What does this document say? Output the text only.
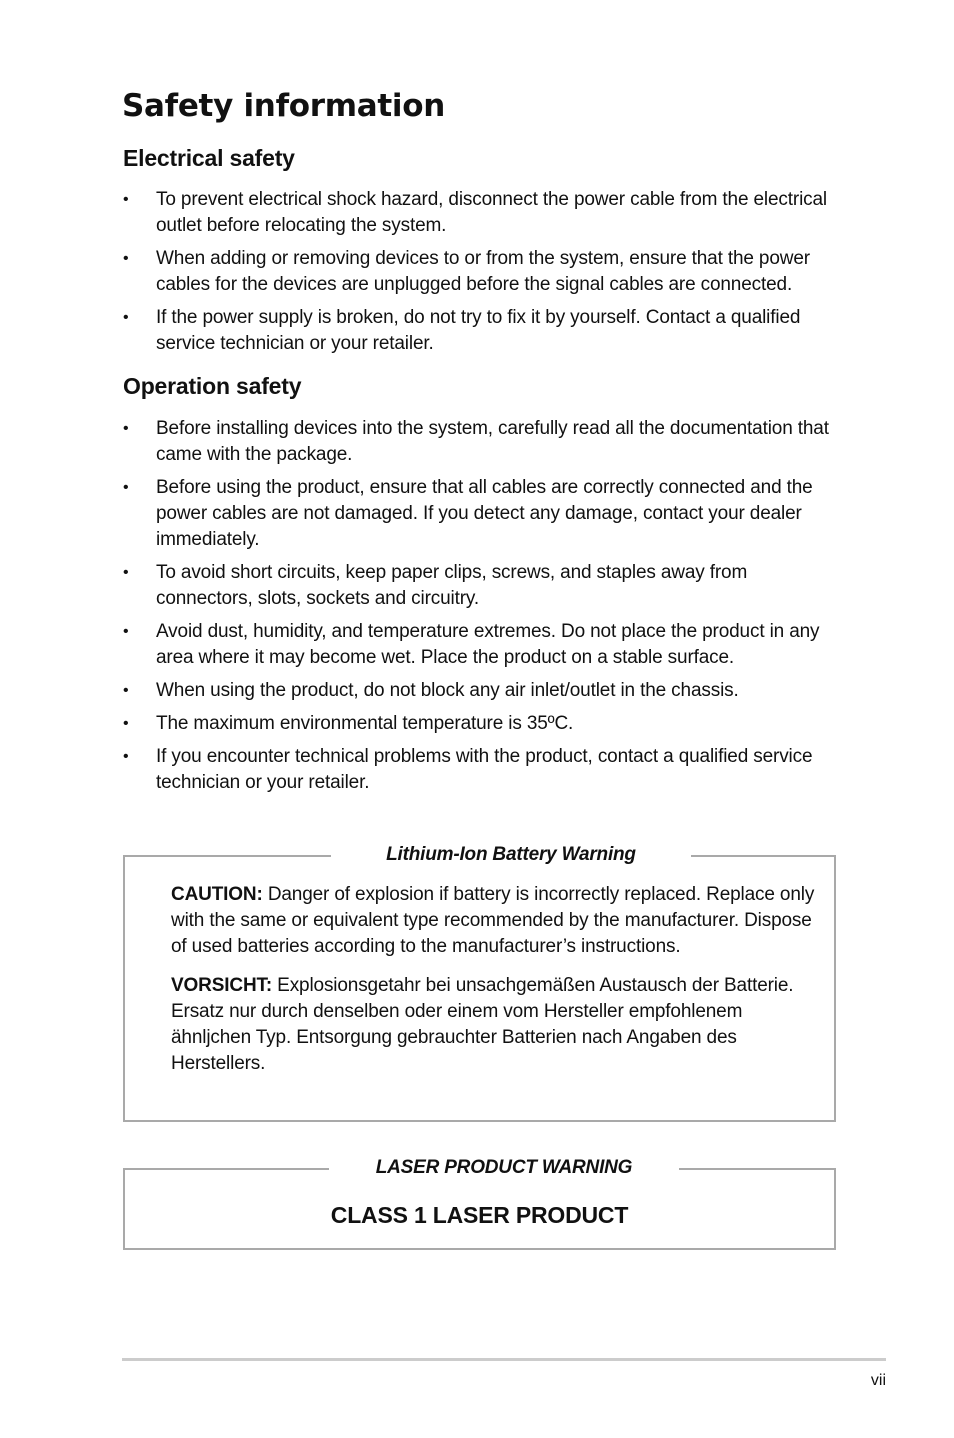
Safety information
Electrical safety
• To prevent electrical shock hazard, disconnect the power cable from the electrical outlet before relocating the system.
• When adding or removing devices to or from the system, ensure that the power cables for the devices are unplugged before the signal cables are connected.
• If the power supply is broken, do not try to fix it by yourself. Contact a qualified service technician or your retailer.
Operation safety
• Before installing devices into the system, carefully read all the documentation that came with the package.
• Before using the product, ensure that all cables are correctly connected and the power cables are not damaged. If you detect any damage, contact your dealer immediately.
• To avoid short circuits, keep paper clips, screws, and staples away from connectors, slots, sockets and circuitry.
• Avoid dust, humidity, and temperature extremes. Do not place the product in any area where it may become wet. Place the product on a stable surface.
• When using the product, do not block any air inlet/outlet in the chassis.
• The maximum environmental temperature is 35ºC.
• If you encounter technical problems with the product, contact a qualified service technician or your retailer.
Lithium-Ion Battery Warning

CAUTION: Danger of explosion if battery is incorrectly replaced. Replace only with the same or equivalent type recommended by the manufacturer. Dispose of used batteries according to the manufacturer’s instructions.

VORSICHT: Explosionsgetahr bei unsachgemäßen Austausch der Batterie. Ersatz nur durch denselben oder einem vom Hersteller empfohlenem ähnljchen Typ. Entsorgung gebrauchter Batterien nach Angaben des Herstellers.

LASER PRODUCT WARNING
CLASS 1 LASER PRODUCT
vii
